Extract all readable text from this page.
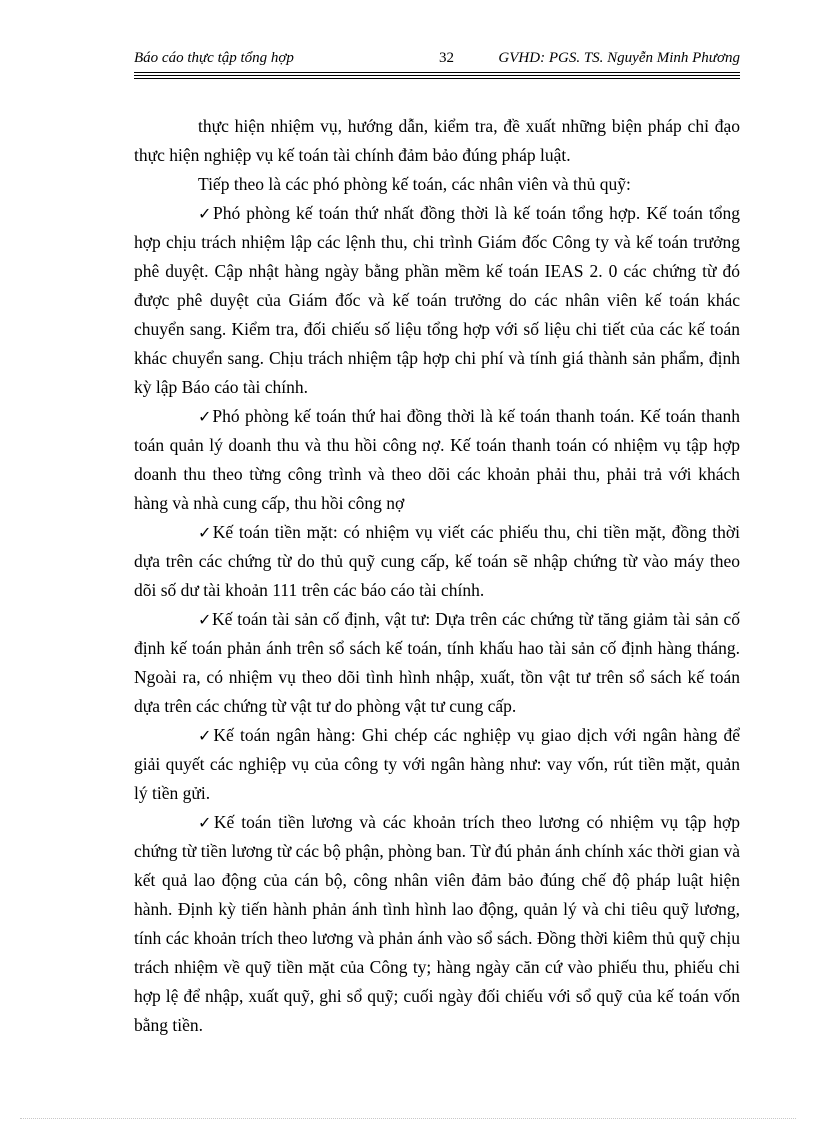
Báo cáo thực tập tổng hợp	32	GVHD: PGS. TS. Nguyễn Minh Phương

thực hiện nhiệm vụ, hướng dẫn, kiểm tra, đề xuất những biện pháp chỉ đạo thực hiện nghiệp vụ kế toán tài chính đảm bảo đúng pháp luật.

Tiếp theo là các phó phòng kế toán, các nhân viên và thủ quỹ:

✓Phó phòng kế toán thứ nhất đồng thời là kế toán tổng hợp. Kế toán tổng hợp chịu trách nhiệm lập các lệnh thu, chi trình Giám đốc Công ty và kế toán trưởng phê duyệt. Cập nhật hàng ngày bằng phần mềm kế toán IEAS 2. 0 các chứng từ đó được phê duyệt của Giám đốc và kế toán trưởng do các nhân viên kế toán khác chuyển sang. Kiểm tra, đối chiếu số liệu tổng hợp với số liệu chi tiết của các kế toán khác chuyển sang. Chịu trách nhiệm tập hợp chi phí và tính giá thành sản phẩm, định kỳ lập Báo cáo tài chính.

✓Phó phòng kế toán thứ hai đồng thời là kế toán thanh toán. Kế toán thanh toán quản lý doanh thu và thu hồi công nợ. Kế toán thanh toán có nhiệm vụ tập hợp doanh thu theo từng công trình và theo dõi các khoản phải thu, phải trả với khách hàng và nhà cung cấp, thu hồi công nợ

✓Kế toán tiền mặt: có nhiệm vụ viết các phiếu thu, chi tiền mặt, đồng thời dựa trên các chứng từ do thủ quỹ cung cấp, kế toán sẽ nhập chứng từ vào máy theo dõi số dư tài khoản 111 trên các báo cáo tài chính.

✓Kế toán tài sản cố định, vật tư: Dựa trên các chứng từ tăng giảm tài sản cố định kế toán phản ánh trên sổ sách kế toán, tính khấu hao tài sản cố định hàng tháng. Ngoài ra, có nhiệm vụ theo dõi tình hình nhập, xuất, tồn vật tư trên sổ sách kế toán dựa trên các chứng từ vật tư do phòng vật tư cung cấp.

✓Kế toán ngân hàng: Ghi chép các nghiệp vụ giao dịch với ngân hàng để giải quyết các nghiệp vụ của công ty với ngân hàng như: vay vốn, rút tiền mặt, quản lý tiền gửi.

✓Kế toán tiền lương và các khoản trích theo lương có nhiệm vụ tập hợp chứng từ tiền lương từ các bộ phận, phòng ban. Từ đú phản ánh chính xác thời gian và kết quả lao động của cán bộ, công nhân viên đảm bảo đúng chế độ pháp luật hiện hành. Định kỳ tiến hành phản ánh tình hình lao động, quản lý và chi tiêu quỹ lương, tính các khoản trích theo lương và phản ánh vào sổ sách. Đồng thời kiêm thủ quỹ chịu trách nhiệm về quỹ tiền mặt của Công ty; hàng ngày căn cứ vào phiếu thu, phiếu chi hợp lệ để nhập, xuất quỹ, ghi sổ quỹ; cuối ngày đối chiếu với sổ quỹ của kế toán vốn bằng tiền.
